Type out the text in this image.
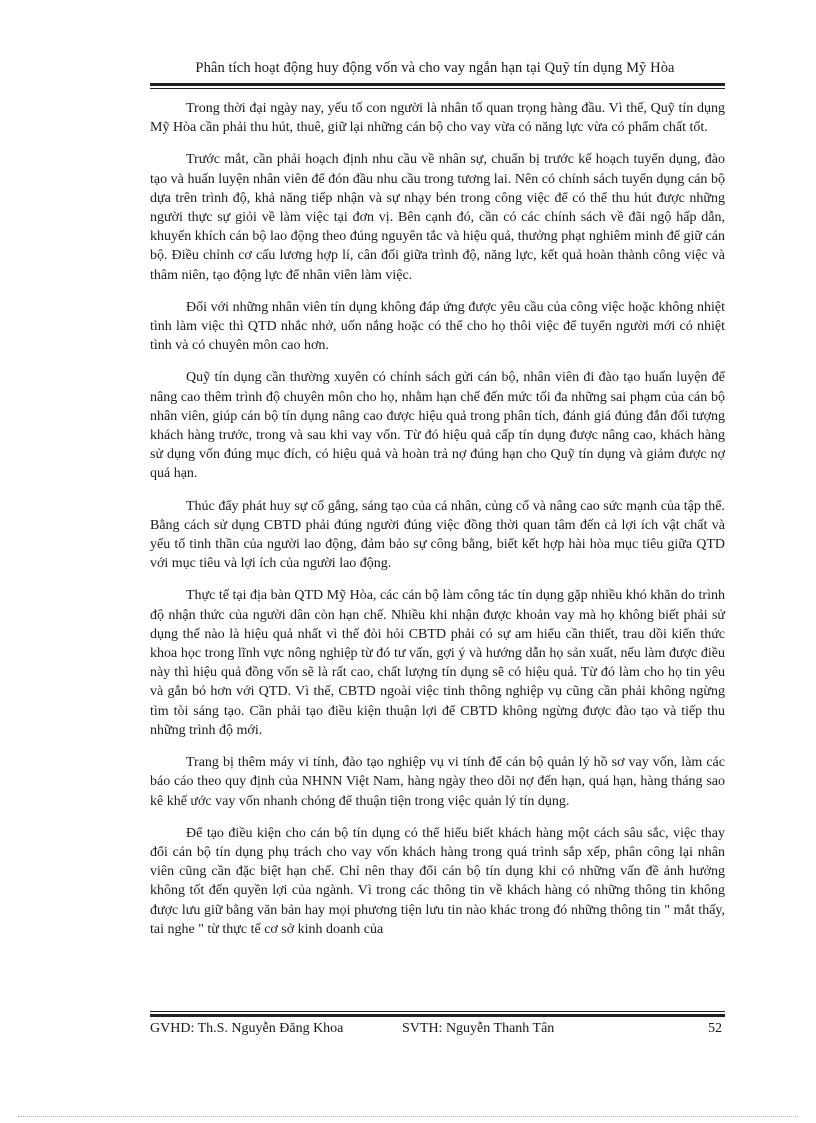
Phân tích hoạt động huy động vốn và cho vay ngắn hạn tại Quỹ tín dụng Mỹ Hòa

Trong thời đại ngày nay, yếu tố con người là nhân tố quan trọng hàng đầu. Vì thế, Quỹ tín dụng Mỹ Hòa cần phải thu hút, thuê, giữ lại những cán bộ cho vay vừa có năng lực vừa có phẩm chất tốt.

Trước mắt, cần phải hoạch định nhu cầu về nhân sự, chuẩn bị trước kế hoạch tuyển dụng, đào tạo và huấn luyện nhân viên để đón đầu nhu cầu trong tương lai. Nên có chính sách tuyển dụng cán bộ dựa trên trình độ, khả năng tiếp nhận và sự nhạy bén trong công việc để có thể thu hút được những người thực sự giỏi về làm việc tại đơn vị. Bên cạnh đó, cần có các chính sách về đãi ngộ hấp dẫn, khuyến khích cán bộ lao động theo đúng nguyên tắc và hiệu quả, thưởng phạt nghiêm minh để giữ cán bộ. Điều chỉnh cơ cấu lương hợp lí, cân đối giữa trình độ, năng lực, kết quả hoàn thành công việc và thâm niên, tạo động lực để nhân viên làm việc.

Đối với những nhân viên tín dụng không đáp ứng được yêu cầu của công việc hoặc không nhiệt tình làm việc thì QTD nhắc nhở, uốn nắng hoặc có thể cho họ thôi việc để tuyển người mới có nhiệt tình và có chuyên môn cao hơn.

Quỹ tín dụng cần thường xuyên có chính sách gửi cán bộ, nhân viên đi đào tạo huấn luyện để nâng cao thêm trình độ chuyên môn cho họ, nhằm hạn chế đến mức tối đa những sai phạm của cán bộ nhân viên, giúp cán bộ tín dụng nâng cao được hiệu quả trong phân tích, đánh giá đúng đắn đối tượng khách hàng trước, trong và sau khi vay vốn. Từ đó hiệu quả cấp tín dụng được nâng cao, khách hàng sử dụng vốn đúng mục đích, có hiệu quả và hoàn trả nợ đúng hạn cho Quỹ tín dụng và giảm được nợ quá hạn.

Thúc đẩy phát huy sự cố gắng, sáng tạo của cá nhân, củng cố và nâng cao sức mạnh của tập thể. Bằng cách sử dụng CBTD phải đúng người đúng việc đồng thời quan tâm đến cả lợi ích vật chất và yếu tố tinh thần của người lao động, đảm bảo sự công bằng, biết kết hợp hài hòa mục tiêu giữa QTD với mục tiêu và lợi ích của người lao động.

Thực tế tại địa bàn QTD Mỹ Hòa, các cán bộ làm công tác tín dụng gặp nhiều khó khăn do trình độ nhận thức của người dân còn hạn chế. Nhiều khi nhận được khoản vay mà họ không biết phải sử dụng thế nào là hiệu quả nhất vì thế đòi hỏi CBTD phải có sự am hiểu cần thiết, trau dồi kiến thức khoa học trong lĩnh vực nông nghiệp từ đó tư vấn, gợi ý và hướng dẫn họ sản xuất, nếu làm được điều này thì hiệu quả đồng vốn sẽ là rất cao, chất lượng tín dụng sẽ có hiệu quả. Từ đó làm cho họ tin yêu và gắn bó hơn với QTD. Vì thế, CBTD ngoài việc tinh thông nghiệp vụ cũng cần phải không ngừng tìm tòi sáng tạo. Cần phải tạo điều kiện thuận lợi để CBTD không ngừng được đào tạo và tiếp thu những trình độ mới.

Trang bị thêm máy vi tính, đào tạo nghiệp vụ vi tính để cán bộ quản lý hồ sơ vay vốn, làm các báo cáo theo quy định của NHNN Việt Nam, hàng ngày theo dõi nợ đến hạn, quá hạn, hàng tháng sao kê khế ước vay vốn nhanh chóng để thuận tiện trong việc quản lý tín dụng.

Để tạo điều kiện cho cán bộ tín dụng có thể hiểu biết khách hàng một cách sâu sắc, việc thay đổi cán bộ tín dụng phụ trách cho vay vốn khách hàng trong quá trình sắp xếp, phân công lại nhân viên cũng cần đặc biệt hạn chế. Chỉ nên thay đổi cán bộ tín dụng khi có những vấn đề ảnh hưởng không tốt đến quyền lợi của ngành. Vì trong các thông tin về khách hàng có những thông tin không được lưu giữ bằng văn bản hay mọi phương tiện lưu tin nào khác trong đó những thông tin " mắt thấy, tai nghe " từ thực tế cơ sở kinh doanh của

GVHD: Th.S. Nguyễn Đăng Khoa	SVTH: Nguyễn Thanh Tân	52
